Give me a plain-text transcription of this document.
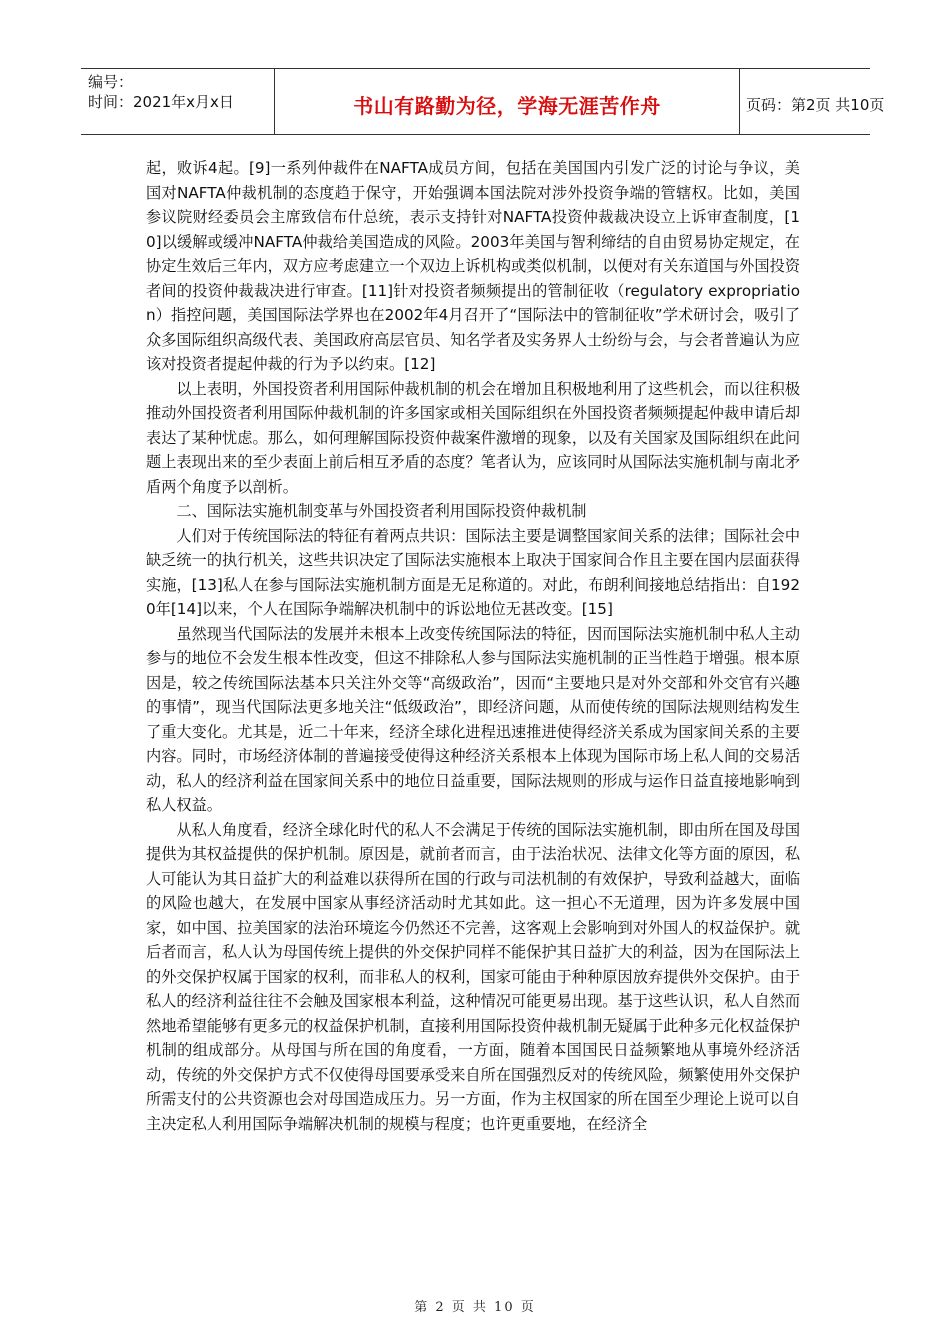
编号：
时间：2021年x月x日	书山有路勤为径，学海无涯苦作舟	页码：第2页 共10页

起，败诉4起。[9]一系列仲裁件在NAFTA成员方间，包括在美国国内引发广泛的讨论与争议，美国对NAFTA仲裁机制的态度趋于保守，开始强调本国法院对涉外投资争端的管辖权。比如，美国参议院财经委员会主席致信布什总统，表示支持针对NAFTA投资仲裁裁决设立上诉审查制度，[10]以缓解或缓冲NAFTA仲裁给美国造成的风险。2003年美国与智利缔结的自由贸易协定规定，在协定生效后三年内，双方应考虑建立一个双边上诉机构或类似机制，以便对有关东道国与外国投资者间的投资仲裁裁决进行审查。[11]针对投资者频频提出的管制征收（regulatory expropriation）指控问题，美国国际法学界也在2002年4月召开了“国际法中的管制征收”学术研讨会，吸引了众多国际组织高级代表、美国政府高层官员、知名学者及实务界人士纷纷与会，与会者普遍认为应该对投资者提起仲裁的行为予以约束。[12]

以上表明，外国投资者利用国际仲裁机制的机会在增加且积极地利用了这些机会，而以往积极推动外国投资者利用国际仲裁机制的许多国家或相关国际组织在外国投资者频频提起仲裁申请后却表达了某种忧虑。那么，如何理解国际投资仲裁案件激增的现象，以及有关国家及国际组织在此问题上表现出来的至少表面上前后相互矛盾的态度？笔者认为，应该同时从国际法实施机制与南北矛盾两个角度予以剖析。

二、国际法实施机制变革与外国投资者利用国际投资仲裁机制

人们对于传统国际法的特征有着两点共识：国际法主要是调整国家间关系的法律；国际社会中缺乏统一的执行机关，这些共识决定了国际法实施根本上取决于国家间合作且主要在国内层面获得实施，[13]私人在参与国际法实施机制方面是无足称道的。对此，布朗利间接地总结指出：自1920年[14]以来，个人在国际争端解决机制中的诉讼地位无甚改变。[15]

虽然现当代国际法的发展并未根本上改变传统国际法的特征，因而国际法实施机制中私人主动参与的地位不会发生根本性改变，但这不排除私人参与国际法实施机制的正当性趋于增强。根本原因是，较之传统国际法基本只关注外交等“高级政治”，因而“主要地只是对外交部和外交官有兴趣的事情”，现当代国际法更多地关注“低级政治”，即经济问题，从而使传统的国际法规则结构发生了重大变化。尤其是，近二十年来，经济全球化进程迅速推进使得经济关系成为国家间关系的主要内容。同时，市场经济体制的普遍接受使得这种经济关系根本上体现为国际市场上私人间的交易活动，私人的经济利益在国家间关系中的地位日益重要，国际法规则的形成与运作日益直接地影响到私人权益。

从私人角度看，经济全球化时代的私人不会满足于传统的国际法实施机制，即由所在国及母国提供为其权益提供的保护机制。原因是，就前者而言，由于法治状况、法律文化等方面的原因，私人可能认为其日益扩大的利益难以获得所在国的行政与司法机制的有效保护，导致利益越大，面临的风险也越大，在发展中国家从事经济活动时尤其如此。这一担心不无道理，因为许多发展中国家，如中国、拉美国家的法治环境迄今仍然还不完善，这客观上会影响到对外国人的权益保护。就后者而言，私人认为母国传统上提供的外交保护同样不能保护其日益扩大的利益，因为在国际法上的外交保护权属于国家的权利，而非私人的权利，国家可能由于种种原因放弃提供外交保护。由于私人的经济利益往往不会触及国家根本利益，这种情况可能更易出现。基于这些认识，私人自然而然地希望能够有更多元的权益保护机制，直接利用国际投资仲裁机制无疑属于此种多元化权益保护机制的组成部分。从母国与所在国的角度看，一方面，随着本国国民日益频繁地从事境外经济活动，传统的外交保护方式不仅使得母国要承受来自所在国强烈反对的传统风险，频繁使用外交保护所需支付的公共资源也会对母国造成压力。另一方面，作为主权国家的所在国至少理论上说可以自主决定私人利用国际争端解决机制的规模与程度；也许更重要地，在经济全

第 2 页 共 10 页
